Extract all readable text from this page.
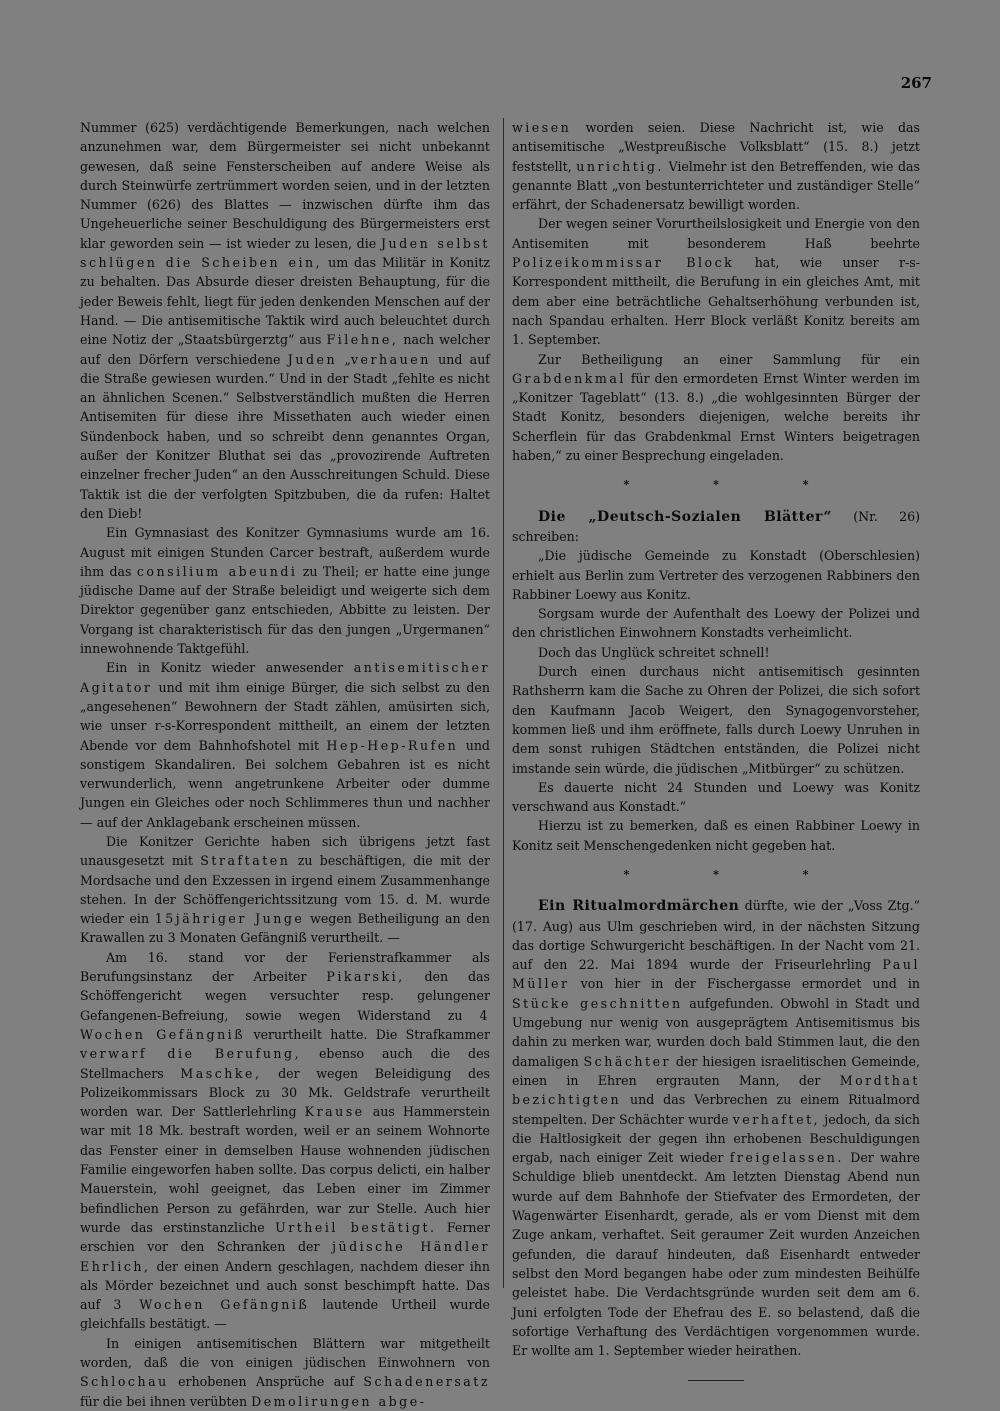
267

Nummer (625) verdächtigende Bemerkungen, nach welchen anzunehmen war, dem Bürgermeister sei nicht unbekannt gewesen, daß seine Fensterscheiben auf andere Weise als durch Steinwürfe zertrümmert worden seien, und in der letzten Nummer (626) des Blattes — inzwischen dürfte ihm das Ungeheuerliche seiner Beschuldigung des Bürgermeisters erst klar geworden sein — ist wieder zu lesen, die Juden selbst schlügen die Scheiben ein, um das Militär in Konitz zu behalten. Das Absurde dieser dreisten Behauptung, für die jeder Beweis fehlt, liegt für jeden denkenden Menschen auf der Hand. — Die antisemitische Taktik wird auch beleuchtet durch eine Notiz der „Staatsbürgerztg“ aus Filehne, nach welcher auf den Dörfern verschiedene Juden „verhauen und auf die Straße gewiesen wurden.“ Und in der Stadt „fehlte es nicht an ähnlichen Scenen.“ Selbstverständlich mußten die Herren Antisemiten für diese ihre Missethaten auch wieder einen Sündenbock haben, und so schreibt denn genanntes Organ, außer der Konitzer Bluthat sei das „provozirende Auftreten einzelner frecher Juden“ an den Ausschreitungen Schuld. Diese Taktik ist die der verfolgten Spitzbuben, die da rufen: Haltet den Dieb!

Ein Gymnasiast des Konitzer Gymnasiums wurde am 16. August mit einigen Stunden Carcer bestraft, außerdem wurde ihm das consilium abeundi zu Theil; er hatte eine junge jüdische Dame auf der Straße beleidigt und weigerte sich dem Direktor gegenüber ganz entschieden, Abbitte zu leisten. Der Vorgang ist charakteristisch für das den jungen „Urgermanen“ innewohnende Taktgefühl.

Ein in Konitz wieder anwesender antisemitischer Agitator und mit ihm einige Bürger, die sich selbst zu den „angesehenen“ Bewohnern der Stadt zählen, amüsirten sich, wie unser r-s-Korrespondent mittheilt, an einem der letzten Abende vor dem Bahnhofshotel mit Hep-Hep-Rufen und sonstigem Skandaliren. Bei solchem Gebahren ist es nicht verwunderlich, wenn angetrunkene Arbeiter oder dumme Jungen ein Gleiches oder noch Schlimmeres thun und nachher — auf der Anklagebank erscheinen müssen.

Die Konitzer Gerichte haben sich übrigens jetzt fast unausgesetzt mit Straftaten zu beschäftigen, die mit der Mordsache und den Exzessen in irgend einem Zusammenhange stehen. In der Schöffengerichtssitzung vom 15. d. M. wurde wieder ein 15jähriger Junge wegen Betheiligung an den Krawallen zu 3 Monaten Gefängniß verurtheilt. —

Am 16. stand vor der Ferienstrafkammer als Berufungsinstanz der Arbeiter Pikarski, den das Schöffengericht wegen versuchter resp. gelungener Gefangenen-Befreiung, sowie wegen Widerstand zu 4 Wochen Gefängniß verurtheilt hatte. Die Strafkammer verwarf die Berufung, ebenso auch die des Stellmachers Maschke, der wegen Beleidigung des Polizeikommissars Block zu 30 Mk. Geldstrafe verurtheilt worden war. Der Sattlerlehrling Krause aus Hammerstein war mit 18 Mk. bestraft worden, weil er an seinem Wohnorte das Fenster einer in demselben Hause wohnenden jüdischen Familie eingeworfen haben sollte. Das corpus delicti, ein halber Mauerstein, wohl geeignet, das Leben einer im Zimmer befindlichen Person zu gefährden, war zur Stelle. Auch hier wurde das erstinstanzliche Urtheil bestätigt. Ferner erschien vor den Schranken der jüdische Händler Ehrlich, der einen Andern geschlagen, nachdem dieser ihn als Mörder bezeichnet und auch sonst beschimpft hatte. Das auf 3 Wochen Gefängniß lautende Urtheil wurde gleichfalls bestätigt. —

In einigen antisemitischen Blättern war mitgetheilt worden, daß die von einigen jüdischen Einwohnern von Schlochau erhobenen Ansprüche auf Schadenersatz für die bei ihnen verübten Demolirungen abge-

wiesen worden seien. Diese Nachricht ist, wie das antisemitische „Westpreußische Volksblatt“ (15. 8.) jetzt feststellt, unrichtig. Vielmehr ist den Betreffenden, wie das genannte Blatt „von bestunterrichteter und zuständiger Stelle“ erfährt, der Schadenersatz bewilligt worden.

Der wegen seiner Vorurtheilslosigkeit und Energie von den Antisemiten mit besonderem Haß beehrte Polizeikommissar Block hat, wie unser r-s-Korrespondent mittheilt, die Berufung in ein gleiches Amt, mit dem aber eine beträchtliche Gehaltserhöhung verbunden ist, nach Spandau erhalten. Herr Block verläßt Konitz bereits am 1. September.

Zur Betheiligung an einer Sammlung für ein Grabdenkmal für den ermordeten Ernst Winter werden im „Konitzer Tageblatt“ (13. 8.) „die wohlgesinnten Bürger der Stadt Konitz, besonders diejenigen, welche bereits ihr Scherflein für das Grabdenkmal Ernst Winters beigetragen haben,“ zu einer Besprechung eingeladen.

* * *

Die „Deutsch-Sozialen Blätter“ (Nr. 26) schreiben:

„Die jüdische Gemeinde zu Konstadt (Oberschlesien) erhielt aus Berlin zum Vertreter des verzogenen Rabbiners den Rabbiner Loewy aus Konitz.

Sorgsam wurde der Aufenthalt des Loewy der Polizei und den christlichen Einwohnern Konstadts verheimlicht.

Doch das Unglück schreitet schnell!

Durch einen durchaus nicht antisemitisch gesinnten Rathsherrn kam die Sache zu Ohren der Polizei, die sich sofort den Kaufmann Jacob Weigert, den Synagogenvorsteher, kommen ließ und ihm eröffnete, falls durch Loewy Unruhen in dem sonst ruhigen Städtchen entständen, die Polizei nicht imstande sein würde, die jüdischen „Mitbürger“ zu schützen.

Es dauerte nicht 24 Stunden und Loewy was Konitz verschwand aus Konstadt.“

Hierzu ist zu bemerken, daß es einen Rabbiner Loewy in Konitz seit Menschengedenken nicht gegeben hat.

* * *

Ein Ritualmordmärchen dürfte, wie der „Voss Ztg.“ (17. Aug) aus Ulm geschrieben wird, in der nächsten Sitzung das dortige Schwurgericht beschäftigen. In der Nacht vom 21. auf den 22. Mai 1894 wurde der Friseurlehrling Paul Müller von hier in der Fischergasse ermordet und in Stücke geschnitten aufgefunden. Obwohl in Stadt und Umgebung nur wenig von ausgeprägtem Antisemitismus bis dahin zu merken war, wurden doch bald Stimmen laut, die den damaligen Schächter der hiesigen israelitischen Gemeinde, einen in Ehren ergrauten Mann, der Mordthat bezichtigten und das Verbrechen zu einem Ritualmord stempelten. Der Schächter wurde verhaftet, jedoch, da sich die Haltlosigkeit der gegen ihn erhobenen Beschuldigungen ergab, nach einiger Zeit wieder freigelassen. Der wahre Schuldige blieb unentdeckt. Am letzten Dienstag Abend nun wurde auf dem Bahnhofe der Stiefvater des Ermordeten, der Wagenwärter Eisenhardt, gerade, als er vom Dienst mit dem Zuge ankam, verhaftet. Seit geraumer Zeit wurden Anzeichen gefunden, die darauf hindeuten, daß Eisenhardt entweder selbst den Mord begangen habe oder zum mindesten Beihülfe geleistet habe. Die Verdachtsgründe wurden seit dem am 6. Juni erfolgten Tode der Ehefrau des E. so belastend, daß die sofortige Verhaftung des Verdächtigen vorgenommen wurde. Er wollte am 1. September wieder heirathen.
